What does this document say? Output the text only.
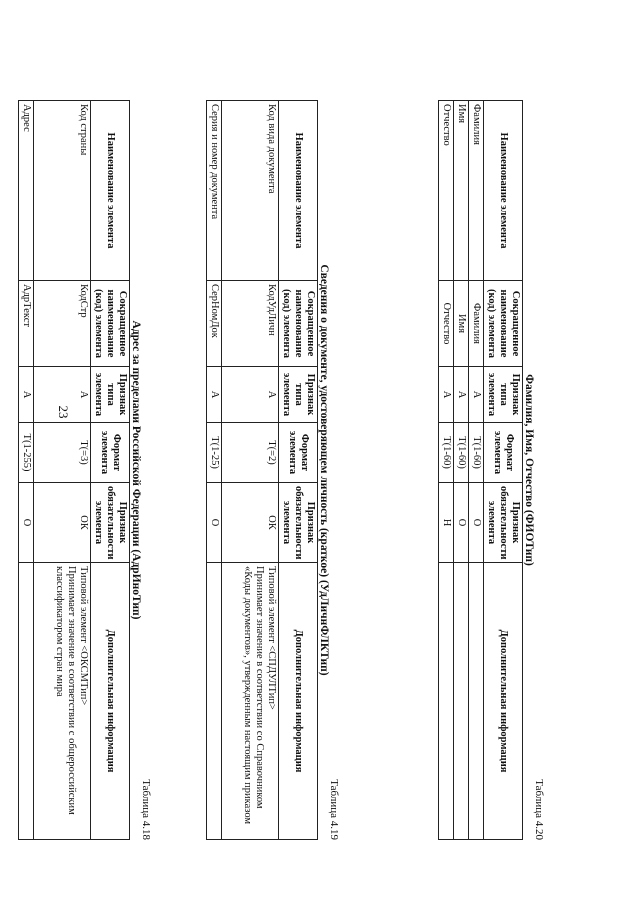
23
Таблица 4.18
Адрес за пределами Российской Федерации (АдрИноТип)
Наименование элемента	Сокращенное наименование (код) элемента	Признак типа элемента	Формат элемента	Признак обязательности элемента	Дополнительная информация
Код страны	КодСтр	А	T(=3)	ОК	Типовой элемент <ОКСМТип>
Принимает значение в соответствии с общероссийским классификатором стран мира
Адрес	АдрТекст	А	T(1-255)	О	
Таблица 4.19
Сведения о документе, удостоверяющем личность (краткое) (УдЛичнФЛКТип)
Наименование элемента	Сокращенное наименование (код) элемента	Признак типа элемента	Формат элемента	Признак обязательности элемента	Дополнительная информация
Код вида документа	КодУдЛичн	А	T(=2)	ОК	Типовой элемент <СПДУЛТип>
Принимает значение в соответствии со Справочником «Коды документов», утвержденным настоящим приказом
Серия и номер документа	СерНомДок	А	T(1-25)	О	
Таблица 4.20
Фамилия, Имя, Отчество (ФИОТип)
Наименование элемента	Сокращенное наименование (код) элемента	Признак типа элемента	Формат элемента	Признак обязательности элемента	Дополнительная информация
Фамилия	Фамилия	А	T(1-60)	О	
Имя	Имя	А	T(1-60)	О	
Отчество	Отчество	А	T(1-60)	Н	
